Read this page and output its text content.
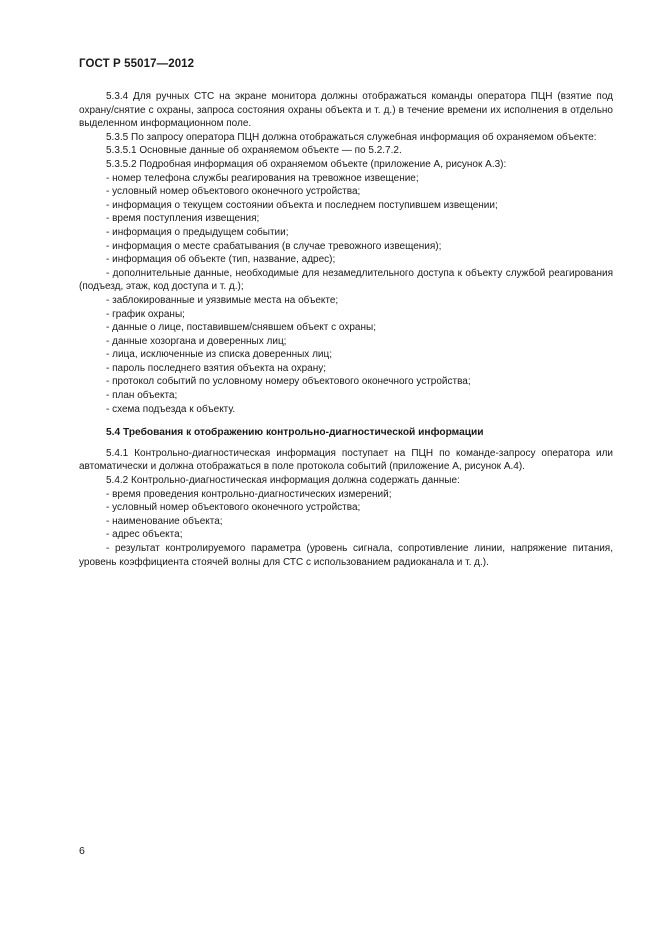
ГОСТ Р 55017—2012

5.3.4 Для ручных СТС на экране монитора должны отображаться команды оператора ПЦН (взятие под охрану/снятие с охраны, запроса состояния охраны объекта и т. д.) в течение времени их исполнения в отдельно выделенном информационном поле.

5.3.5 По запросу оператора ПЦН должна отображаться служебная информация об охраняемом объекте:

5.3.5.1 Основные данные об охраняемом объекте — по 5.2.7.2.

5.3.5.2 Подробная информация об охраняемом объекте (приложение А, рисунок А.3):

- номер телефона службы реагирования на тревожное извещение;

- условный номер объектового оконечного устройства;

- информация о текущем состоянии объекта и последнем поступившем извещении;

- время поступления извещения;

- информация о предыдущем событии;

- информация о месте срабатывания (в случае тревожного извещения);

- информация об объекте (тип, название, адрес);

- дополнительные данные, необходимые для незамедлительного доступа к объекту службой реагирования (подъезд, этаж, код доступа и т. д.);

- заблокированные и уязвимые места на объекте;

- график охраны;

- данные о лице, поставившем/снявшем объект с охраны;

- данные хозоргана и доверенных лиц;

- лица, исключенные из списка доверенных лиц;

- пароль последнего взятия объекта на охрану;

- протокол событий по условному номеру объектового оконечного устройства;

- план объекта;

- схема подъезда к объекту.

5.4 Требования к отображению контрольно-диагностической информации

5.4.1 Контрольно-диагностическая информация поступает на ПЦН по команде-запросу оператора или автоматически и должна отображаться в поле протокола событий (приложение А, рисунок А.4).

5.4.2 Контрольно-диагностическая информация должна содержать данные:

- время проведения контрольно-диагностических измерений;

- условный номер объектового оконечного устройства;

- наименование объекта;

- адрес объекта;

- результат контролируемого параметра (уровень сигнала, сопротивление линии, напряжение питания, уровень коэффициента стоячей волны для СТС с использованием радиоканала и т. д.).

6
